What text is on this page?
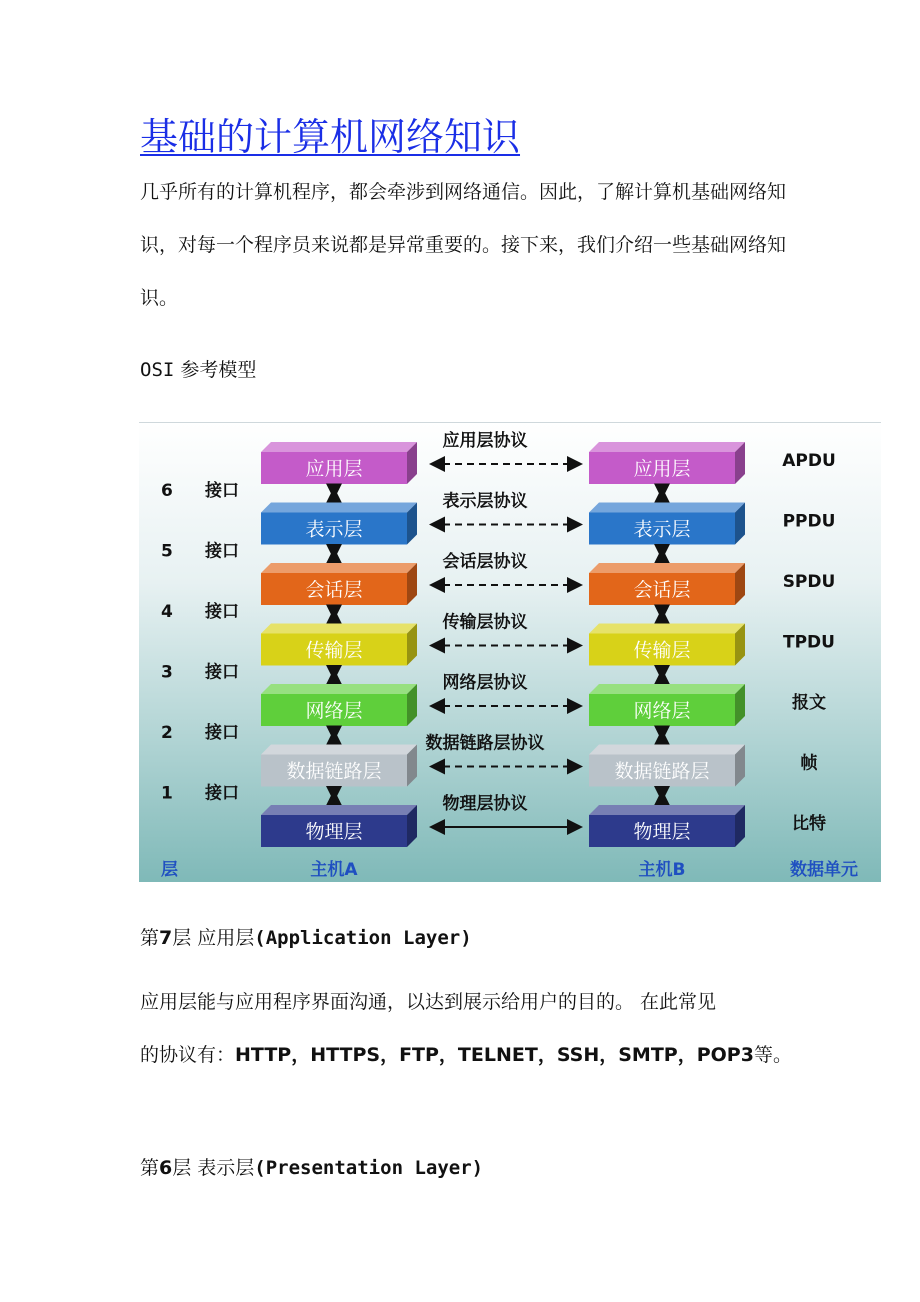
基础的计算机网络知识
几乎所有的计算机程序，都会牵涉到网络通信。因此，了解计算机基础网络知识，对每一个程序员来说都是异常重要的。接下来，我们介绍一些基础网络知识。
OSI 参考模型
应用层	应用层
应用层协议
APDU
表示层	表示层
表示层协议
PPDU
会话层	会话层
会话层协议
SPDU
传输层	传输层
传输层协议
TPDU
网络层	网络层
网络层协议
报文
数据链路层	数据链路层
数据链路层协议
帧
物理层	物理层
物理层协议
比特
6 接口
5 接口
4 接口
3 接口
2 接口
1 接口
层	主机A	主机B	数据单元
第7层 应用层(Application Layer)
应用层能与应用程序界面沟通，以达到展示给用户的目的。 在此常见
的协议有：HTTP，HTTPS，FTP，TELNET，SSH，SMTP，POP3等。
第6层 表示层(Presentation Layer)
